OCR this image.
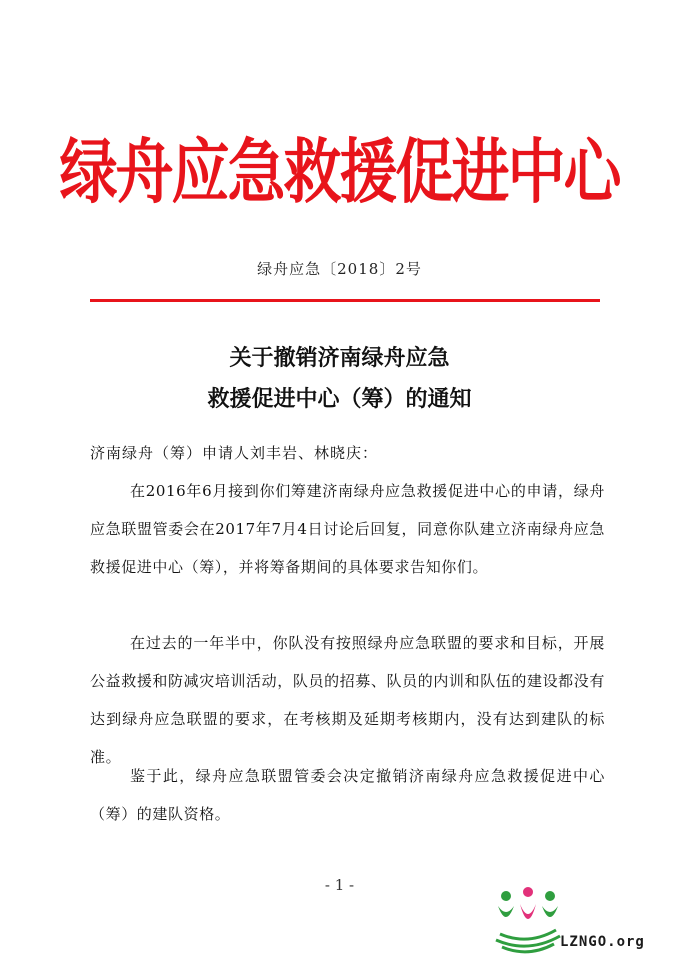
绿舟应急救援促进中心
绿舟应急〔2018〕2号
关于撤销济南绿舟应急
救援促进中心（筹）的通知
济南绿舟（筹）申请人刘丰岩、林晓庆：
在2016年6月接到你们筹建济南绿舟应急救援促进中心的申请，绿舟应急联盟管委会在2017年7月4日讨论后回复，同意你队建立济南绿舟应急救援促进中心（筹），并将筹备期间的具体要求告知你们。
在过去的一年半中，你队没有按照绿舟应急联盟的要求和目标，开展公益救援和防减灾培训活动，队员的招募、队员的内训和队伍的建设都没有达到绿舟应急联盟的要求，在考核期及延期考核期内，没有达到建队的标准。
鉴于此，绿舟应急联盟管委会决定撤销济南绿舟应急救援促进中心（筹）的建队资格。
- 1 -
LZNGO.org
